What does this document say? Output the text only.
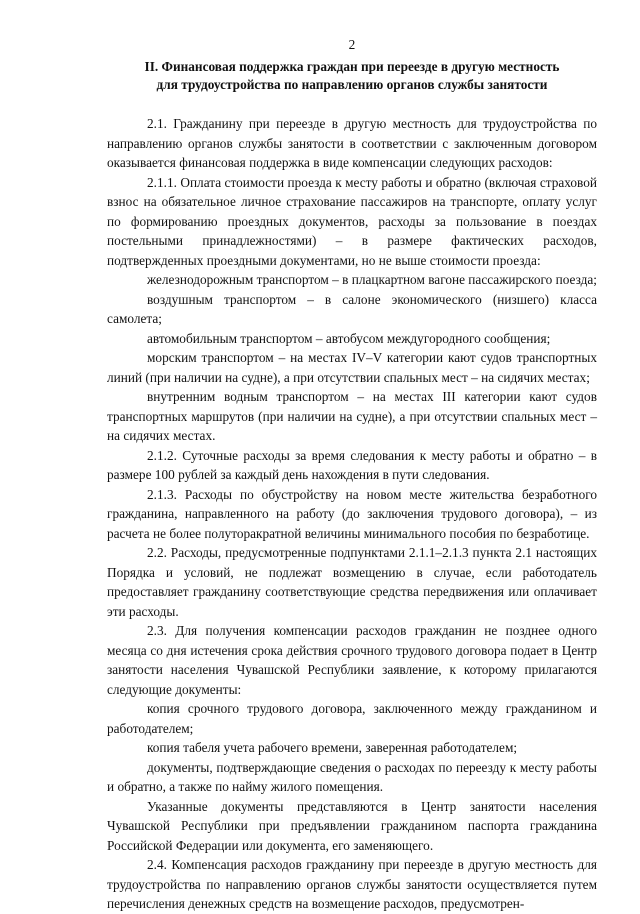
2
II. Финансовая поддержка граждан при переезде в другую местность
для трудоустройства по направлению органов службы занятости

2.1. Гражданину при переезде в другую местность для трудоустройства по направлению органов службы занятости в соответствии с заключенным договором оказывается финансовая поддержка в виде компенсации следующих расходов:

2.1.1. Оплата стоимости проезда к месту работы и обратно (включая страховой взнос на обязательное личное страхование пассажиров на транспорте, оплату услуг по формированию проездных документов, расходы за пользование в поездах постельными принадлежностями) – в размере фактических расходов, подтвержденных проездными документами, но не выше стоимости проезда:

железнодорожным транспортом – в плацкартном вагоне пассажирского поезда;

воздушным транспортом – в салоне экономического (низшего) класса самолета;

автомобильным транспортом – автобусом междугородного сообщения;

морским транспортом – на местах IV–V категории кают судов транспортных линий (при наличии на судне), а при отсутствии спальных мест – на сидячих местах;

внутренним водным транспортом – на местах III категории кают судов транспортных маршрутов (при наличии на судне), а при отсутствии спальных мест – на сидячих местах.

2.1.2. Суточные расходы за время следования к месту работы и обратно – в размере 100 рублей за каждый день нахождения в пути следования.

2.1.3. Расходы по обустройству на новом месте жительства безработного гражданина, направленного на работу (до заключения трудового договора), – из расчета не более полуторакратной величины минимального пособия по безработице.

2.2. Расходы, предусмотренные подпунктами 2.1.1–2.1.3 пункта 2.1 настоящих Порядка и условий, не подлежат возмещению в случае, если работодатель предоставляет гражданину соответствующие средства передвижения или оплачивает эти расходы.

2.3. Для получения компенсации расходов гражданин не позднее одного месяца со дня истечения срока действия срочного трудового договора подает в Центр занятости населения Чувашской Республики заявление, к которому прилагаются следующие документы:

копия срочного трудового договора, заключенного между гражданином и работодателем;

копия табеля учета рабочего времени, заверенная работодателем;

документы, подтверждающие сведения о расходах по переезду к месту работы и обратно, а также по найму жилого помещения.

Указанные документы представляются в Центр занятости населения Чувашской Республики при предъявлении гражданином паспорта гражданина Российской Федерации или документа, его заменяющего.

2.4. Компенсация расходов гражданину при переезде в другую местность для трудоустройства по направлению органов службы занятости осуществляется путем перечисления денежных средств на возмещение расходов, предусмотрен-
